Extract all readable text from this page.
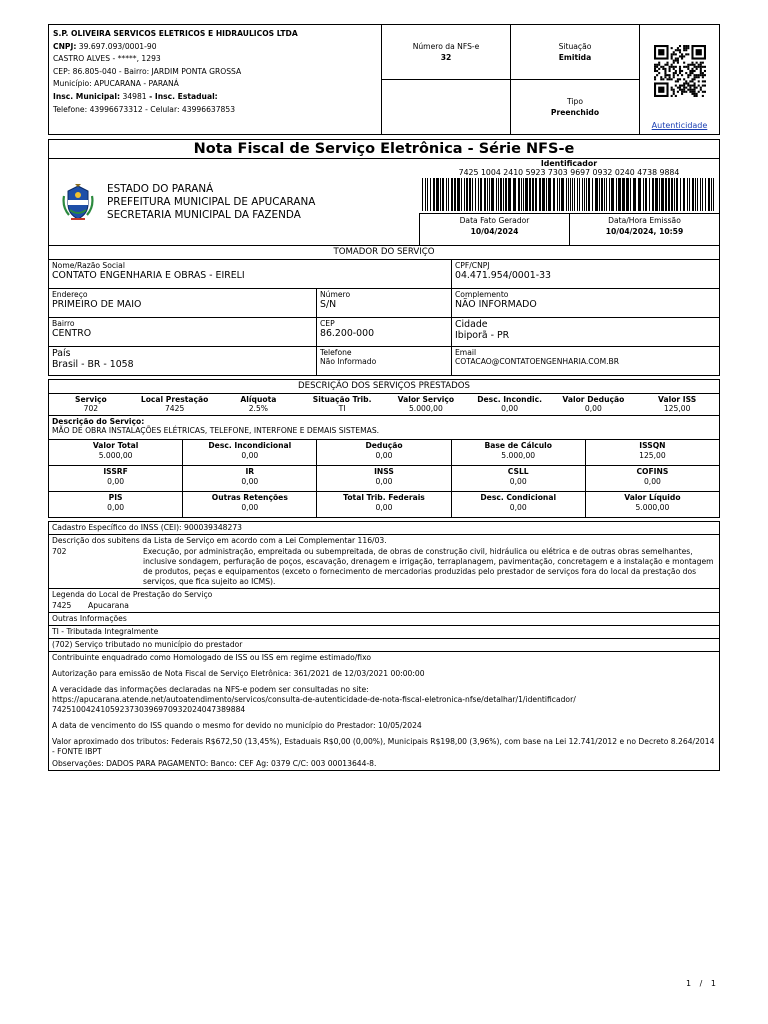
S.P. OLIVEIRA SERVICOS ELETRICOS E HIDRAULICOS LTDA
CNPJ: 39.697.093/0001-90
CASTRO ALVES - *****, 1293
CEP: 86.805-040 - Bairro: JARDIM PONTA GROSSA
Município: APUCARANA - PARANÁ
Insc. Municipal: 34981 - Insc. Estadual:
Telefone: 43996673312 - Celular: 43996637853
Número da NFS-e
32
Situação
Emitida
Tipo
Preenchido
Autenticidade
Nota Fiscal de Serviço Eletrônica - Série NFS-e
ESTADO DO PARANÁ
PREFEITURA MUNICIPAL DE APUCARANA
SECRETARIA MUNICIPAL DA FAZENDA
Identificador
7425 1004 2410 5923 7303 9697 0932 0240 4738 9884
Data Fato Gerador
10/04/2024
Data/Hora Emissão
10/04/2024, 10:59
TOMADOR DO SERVIÇO
Nome/Razão Social
CONTATO ENGENHARIA E OBRAS - EIRELI
CPF/CNPJ
04.471.954/0001-33
Endereço
PRIMEIRO DE MAIO
Número
S/N
Complemento
NÃO INFORMADO
Bairro
CENTRO
CEP
86.200-000
Cidade
Ibiporã - PR
País
Brasil - BR - 1058
Telefone
Não Informado
Email
COTACAO@CONTATOENGENHARIA.COM.BR
DESCRIÇÃO DOS SERVIÇOS PRESTADOS
Serviço
702
Local Prestação
7425
Alíquota
2.5%
Situação Trib.
TI
Valor Serviço
5.000,00
Desc. Incondic.
0,00
Valor Dedução
0,00
Valor ISS
125,00
Descrição do Serviço:
MÃO DE OBRA INSTALAÇÕES ELÉTRICAS, TELEFONE, INTERFONE E DEMAIS SISTEMAS.
Valor Total
5.000,00
Desc. Incondicional
0,00
Dedução
0,00
Base de Cálculo
5.000,00
ISSQN
125,00
ISSRF
0,00
IR
0,00
INSS
0,00
CSLL
0,00
COFINS
0,00
PIS
0,00
Outras Retenções
0,00
Total Trib. Federais
0,00
Desc. Condicional
0,00
Valor Líquido
5.000,00
Cadastro Específico do INSS (CEI): 900039348273
Descrição dos subitens da Lista de Serviço em acordo com a Lei Complementar 116/03.
702	Execução, por administração, empreitada ou subempreitada, de obras de construção civil, hidráulica ou elétrica e de outras obras semelhantes, inclusive sondagem, perfuração de poços, escavação, drenagem e irrigação, terraplanagem, pavimentação, concretagem e a instalação e montagem de produtos, peças e equipamentos (exceto o fornecimento de mercadorias produzidas pelo prestador de serviços fora do local da prestação dos serviços, que fica sujeito ao ICMS).
Legenda do Local de Prestação do Serviço
7425	Apucarana
Outras Informações
TI - Tributada Integralmente
(702) Serviço tributado no município do prestador
Contribuinte enquadrado como Homologado de ISS ou ISS em regime estimado/fixo
Autorização para emissão de Nota Fiscal de Serviço Eletrônica: 361/2021 de 12/03/2021 00:00:00
A veracidade das informações declaradas na NFS-e podem ser consultadas no site:
https://apucarana.atende.net/autoatendimento/servicos/consulta-de-autenticidade-de-nota-fiscal-eletronica-nfse/detalhar/1/identificador/
74251004241059237303969709320240473898​84
A data de vencimento do ISS quando o mesmo for devido no município do Prestador: 10/05/2024
Valor aproximado dos tributos: Federais R$672,50 (13,45%), Estaduais R$0,00 (0,00%), Municipais R$198,00 (3,96%), com base na Lei 12.741/2012 e no Decreto 8.264/2014 - FONTE IBPT
Observações: DADOS PARA PAGAMENTO: Banco: CEF Ag: 0379 C/C: 003 00013644-8.
1 / 1
